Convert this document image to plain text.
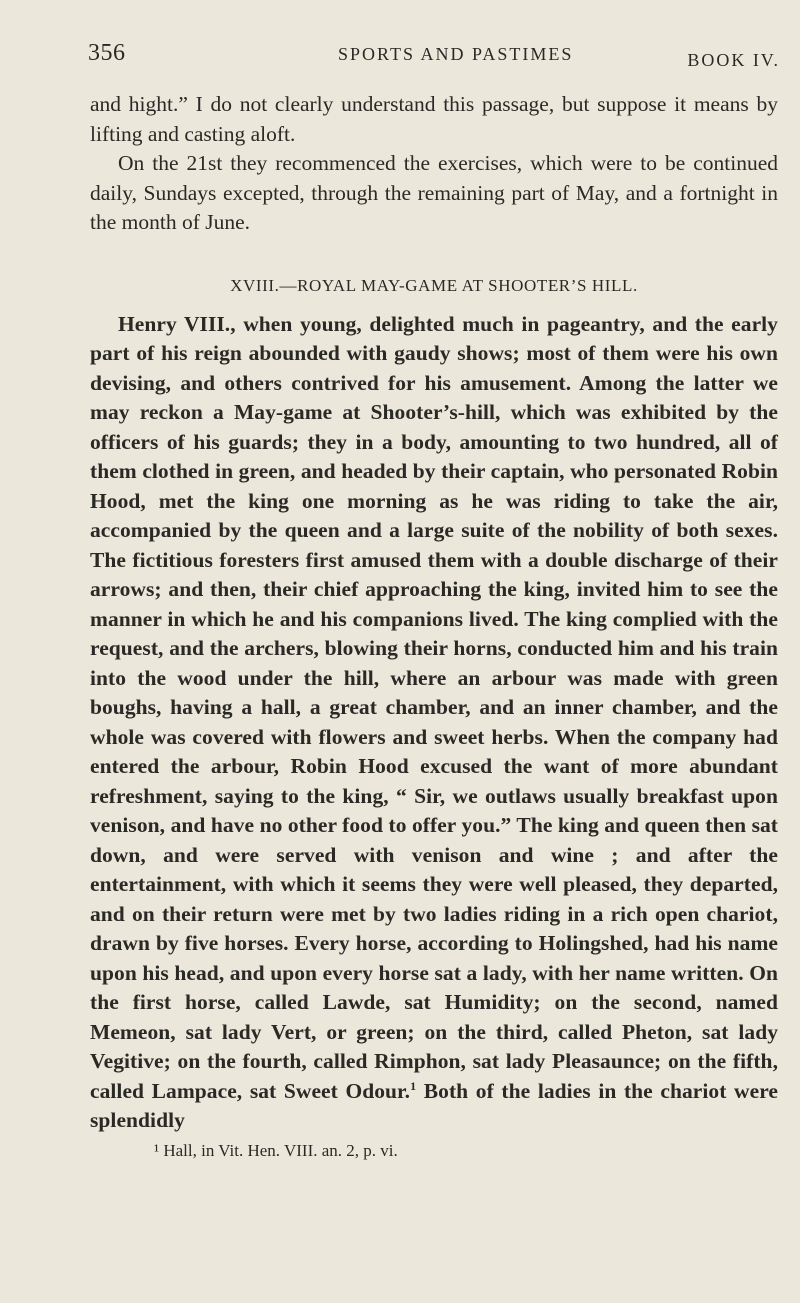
356	SPORTS AND PASTIMES	BOOK IV.

and hight.” I do not clearly understand this passage, but suppose it means by lifting and casting aloft.

On the 21st they recommenced the exercises, which were to be continued daily, Sundays excepted, through the remaining part of May, and a fortnight in the month of June.

XVIII.—ROYAL MAY-GAME AT SHOOTER’S HILL.

Henry VIII., when young, delighted much in pageantry, and the early part of his reign abounded with gaudy shows; most of them were his own devising, and others contrived for his amusement. Among the latter we may reckon a May-game at Shooter’s-hill, which was exhibited by the officers of his guards; they in a body, amounting to two hundred, all of them clothed in green, and headed by their captain, who personated Robin Hood, met the king one morning as he was riding to take the air, accompanied by the queen and a large suite of the nobility of both sexes. The fictitious foresters first amused them with a double discharge of their arrows; and then, their chief approaching the king, invited him to see the manner in which he and his companions lived. The king complied with the request, and the archers, blowing their horns, conducted him and his train into the wood under the hill, where an arbour was made with green boughs, having a hall, a great chamber, and an inner chamber, and the whole was covered with flowers and sweet herbs. When the company had entered the arbour, Robin Hood excused the want of more abundant refreshment, saying to the king, “ Sir, we outlaws usually breakfast upon venison, and have no other food to offer you.” The king and queen then sat down, and were served with venison and wine ; and after the entertainment, with which it seems they were well pleased, they departed, and on their return were met by two ladies riding in a rich open chariot, drawn by five horses. Every horse, according to Holingshed, had his name upon his head, and upon every horse sat a lady, with her name written. On the first horse, called Lawde, sat Humidity; on the second, named Memeon, sat lady Vert, or green; on the third, called Pheton, sat lady Vegitive; on the fourth, called Rimphon, sat lady Pleasaunce; on the fifth, called Lampace, sat Sweet Odour.$^1$ Both of the ladies in the chariot were splendidly

¹ Hall, in Vit. Hen. VIII. an. 2, p. vi.
